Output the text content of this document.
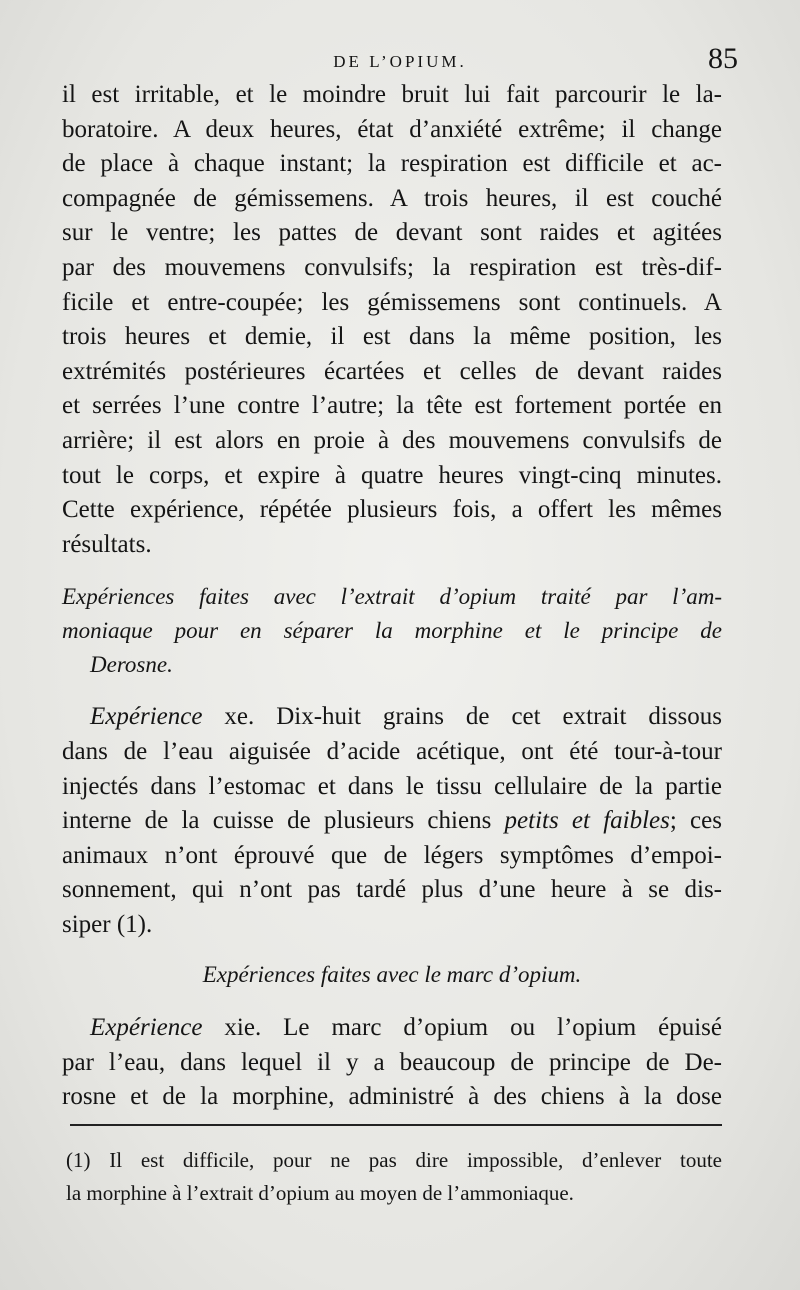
DE L’OPIUM.	85

il est irritable, et le moindre bruit lui fait parcourir le la-
boratoire. A deux heures, état d’anxiété extrême; il change
de place à chaque instant; la respiration est difficile et ac-
compagnée de gémissemens. A trois heures, il est couché
sur le ventre; les pattes de devant sont raides et agitées
par des mouvemens convulsifs; la respiration est très-dif-
ficile et entre-coupée; les gémissemens sont continuels. A
trois heures et demie, il est dans la même position, les
extrémités postérieures écartées et celles de devant raides
et serrées l’une contre l’autre; la tête est fortement portée en
arrière; il est alors en proie à des mouvemens convulsifs de
tout le corps, et expire à quatre heures vingt-cinq minutes.
Cette expérience, répétée plusieurs fois, a offert les mêmes
résultats.

Expériences faites avec l’extrait d’opium traité par l’am-
moniaque pour en séparer la morphine et le principe de
Derosne.

Expérience xe. Dix-huit grains de cet extrait dissous
dans de l’eau aiguisée d’acide acétique, ont été tour-à-tour
injectés dans l’estomac et dans le tissu cellulaire de la partie
interne de la cuisse de plusieurs chiens petits et faibles; ces
animaux n’ont éprouvé que de légers symptômes d’empoi-
sonnement, qui n’ont pas tardé plus d’une heure à se dis-
siper (1).

Expériences faites avec le marc d’opium.

Expérience xie. Le marc d’opium ou l’opium épuisé
par l’eau, dans lequel il y a beaucoup de principe de De-
rosne et de la morphine, administré à des chiens à la dose

(1) Il est difficile, pour ne pas dire impossible, d’enlever toute
la morphine à l’extrait d’opium au moyen de l’ammoniaque.
